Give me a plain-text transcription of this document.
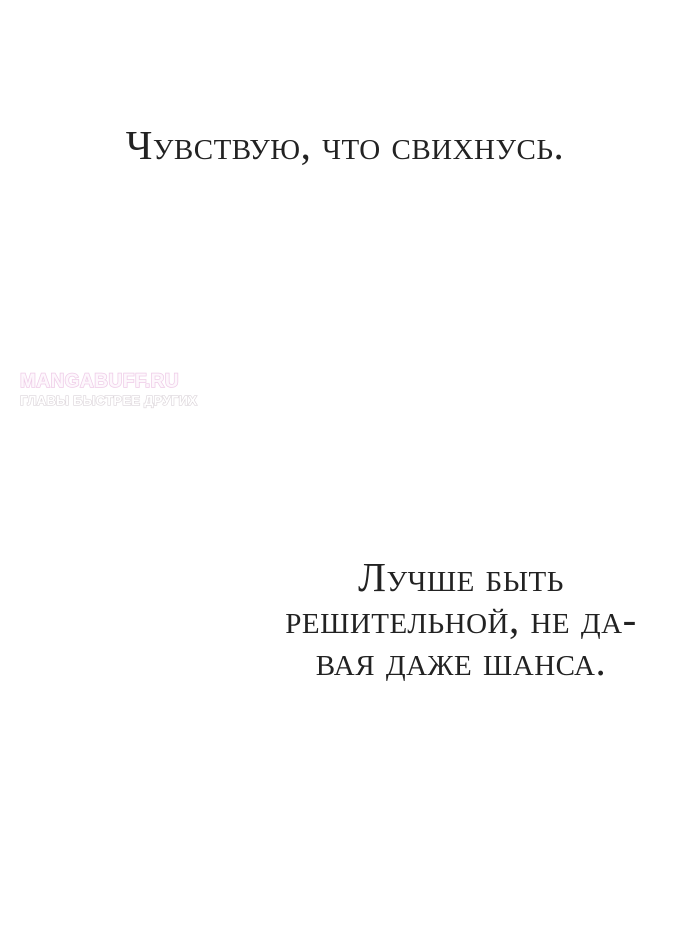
Чувствую, что свихнусь.
MANGABUFF.RU
ГЛАВЫ БЫСТРЕЕ ДРУГИХ
Лучше быть
решительной, не да-
вая даже шанса.
